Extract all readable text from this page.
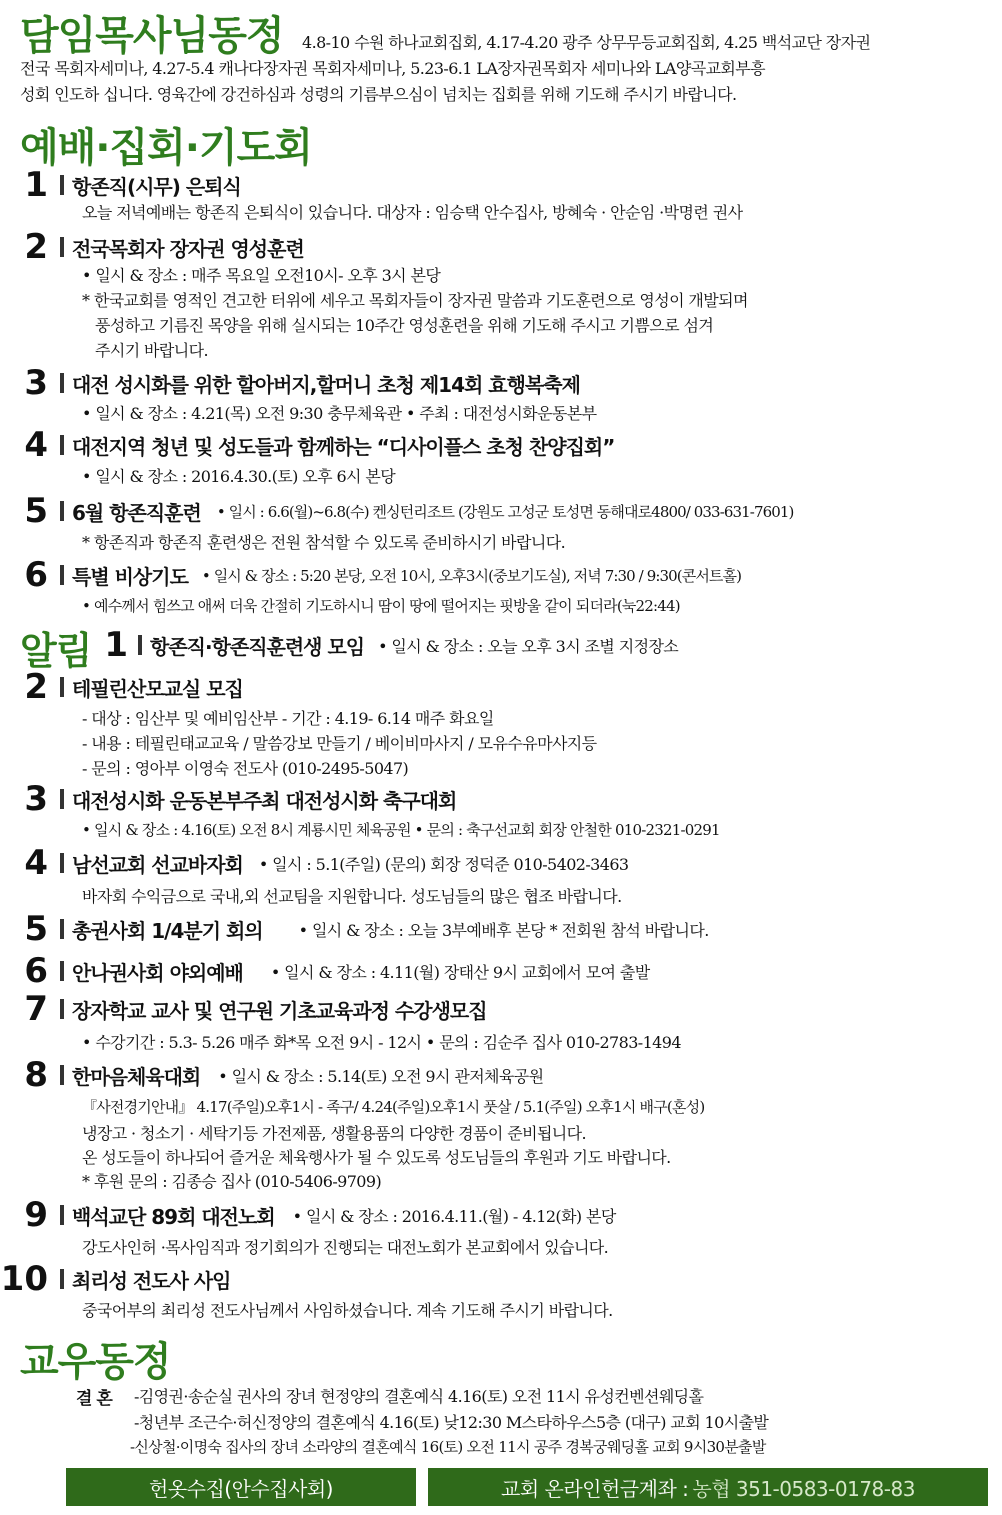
담임목사님동정 4.8-10 수원 하나교회집회, 4.17-4.20 광주 상무무등교회집회, 4.25 백석교단 장자권
전국 목회자세미나, 4.27-5.4 캐나다장자권 목회자세미나, 5.23-6.1 LA장자권목회자 세미나와 LA양곡교회부흥
성회 인도하 십니다. 영육간에 강건하심과 성령의 기름부으심이 넘치는 집회를 위해 기도해 주시기 바랍니다.
예배·집회·기도회
1 항존직(시무) 은퇴식
오늘 저녁예배는 항존직 은퇴식이 있습니다. 대상자 : 임승택 안수집사, 방혜숙 · 안순임 ·박명련 권사
2 전국목회자 장자권 영성훈련
• 일시 & 장소 : 매주 목요일 오전10시- 오후 3시 본당
* 한국교회를 영적인 견고한 터위에 세우고 목회자들이 장자권 말씀과 기도훈련으로 영성이 개발되며
풍성하고 기름진 목양을 위해 실시되는 10주간 영성훈련을 위해 기도해 주시고 기쁨으로 섬겨
주시기 바랍니다.
3 대전 성시화를 위한 할아버지,할머니 초청 제14회 효행복축제
• 일시 & 장소 : 4.21(목) 오전 9:30 충무체육관 • 주최 : 대전성시화운동본부
4 대전지역 청년 및 성도들과 함께하는 “디사이플스 초청 찬양집회”
• 일시 & 장소 : 2016.4.30.(토) 오후 6시 본당
5 6월 항존직훈련 • 일시 : 6.6(월)~6.8(수) 켄싱턴리조트 (강원도 고성군 토성면 동해대로4800/ 033-631-7601)
* 항존직과 항존직 훈련생은 전원 참석할 수 있도록 준비하시기 바랍니다.
6 특별 비상기도 • 일시 & 장소 : 5:20 본당, 오전 10시, 오후3시(중보기도실), 저녁 7:30 / 9:30(콘서트홀)
• 예수께서 힘쓰고 애써 더욱 간절히 기도하시니 땀이 땅에 떨어지는 핏방울 같이 되더라(눅22:44)
알림 1 항존직·항존직훈련생 모임 • 일시 & 장소 : 오늘 오후 3시 조별 지정장소
2 테필린산모교실 모집
- 대상 : 임산부 및 예비임산부 - 기간 : 4.19- 6.14 매주 화요일
- 내용 : 테필린태교교육 / 말씀강보 만들기 / 베이비마사지 / 모유수유마사지등
- 문의 : 영아부 이영숙 전도사 (010-2495-5047)
3 대전성시화 운동본부주최 대전성시화 축구대회
• 일시 & 장소 : 4.16(토) 오전 8시 계룡시민 체육공원 • 문의 : 축구선교회 회장 안철한 010-2321-0291
4 남선교회 선교바자회 • 일시 : 5.1(주일) (문의) 회장 정덕준 010-5402-3463
바자회 수익금으로 국내,외 선교팀을 지원합니다. 성도님들의 많은 협조 바랍니다.
5 총권사회 1/4분기 회의 • 일시 & 장소 : 오늘 3부예배후 본당 * 전회원 참석 바랍니다.
6 안나권사회 야외예배 • 일시 & 장소 : 4.11(월) 장태산 9시 교회에서 모여 출발
7 장자학교 교사 및 연구원 기초교육과정 수강생모집
• 수강기간 : 5.3- 5.26 매주 화*목 오전 9시 - 12시 • 문의 : 김순주 집사 010-2783-1494
8 한마음체육대회 • 일시 & 장소 : 5.14(토) 오전 9시 관저체육공원
『사전경기안내』 4.17(주일)오후1시 - 족구/ 4.24(주일)오후1시 풋살 / 5.1(주일) 오후1시 배구(혼성)
냉장고 · 청소기 · 세탁기등 가전제품, 생활용품의 다양한 경품이 준비됩니다.
온 성도들이 하나되어 즐거운 체육행사가 될 수 있도록 성도님들의 후원과 기도 바랍니다.
* 후원 문의 : 김종승 집사 (010-5406-9709)
9 백석교단 89회 대전노회 • 일시 & 장소 : 2016.4.11.(월) - 4.12(화) 본당
강도사인허 ·목사임직과 정기회의가 진행되는 대전노회가 본교회에서 있습니다.
10 최리성 전도사 사임
중국어부의 최리성 전도사님께서 사임하셨습니다. 계속 기도해 주시기 바랍니다.
교우동정
결 혼 -김영권·송순실 권사의 장녀 현정양의 결혼예식 4.16(토) 오전 11시 유성컨벤션웨딩홀
-청년부 조근수·허신정양의 결혼예식 4.16(토) 낮12:30 M스타하우스5층 (대구) 교회 10시출발
-신상철·이명숙 집사의 장녀 소라양의 결혼예식 16(토) 오전 11시 공주 경복궁웨딩홀 교회 9시30분출발
헌옷수집(안수집사회)	교회 온라인헌금계좌 : 농협 351-0583-0178-83
